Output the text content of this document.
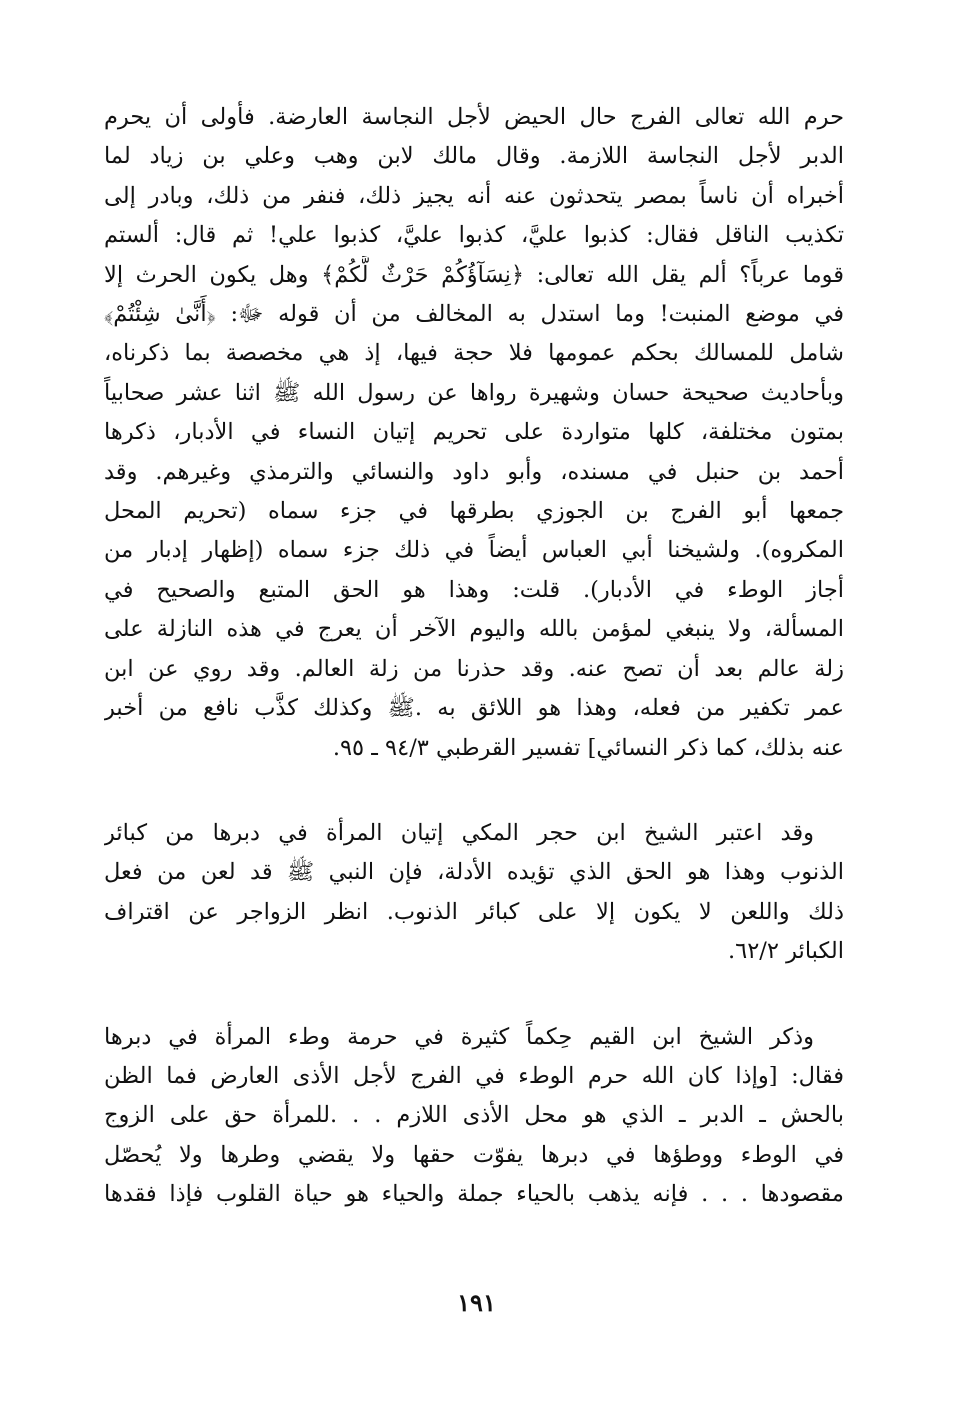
حرم الله تعالى الفرج حال الحيض لأجل النجاسة العارضة. فأولى أن يحرم
الدبر لأجل النجاسة اللازمة. وقال مالك لابن وهب وعلي بن زياد لما
أخبراه أن ناساً بمصر يتحدثون عنه أنه يجيز ذلك، فنفر من ذلك، وبادر إلى
تكذيب الناقل فقال: كذبوا عليَّ، كذبوا عليَّ، كذبوا علي! ثم قال: ألستم
قوما عرباً؟ ألم يقل الله تعالى: ﴿نِسَآؤُكُمْ حَرْثٌ لَّكُمْ﴾ وهل يكون الحرث إلا
في موضع المنبت! وما استدل به المخالف من أن قوله ﷻ: ﴿أَنَّىٰ شِئْتُمْ﴾
شامل للمسالك بحكم عمومها فلا حجة فيها، إذ هي مخصصة بما ذكرناه،
وبأحاديث صحيحة حسان وشهيرة رواها عن رسول الله ﷺ اثنا عشر صحابياً
بمتون مختلفة، كلها متواردة على تحريم إتيان النساء في الأدبار، ذكرها
أحمد بن حنبل في مسنده، وأبو داود والنسائي والترمذي وغيرهم. وقد
جمعها أبو الفرج بن الجوزي بطرقها في جزء سماه (تحريم المحل
المكروه). ولشيخنا أبي العباس أيضاً في ذلك جزء سماه (إظهار إدبار من
أجاز الوطء في الأدبار). قلت: وهذا هو الحق المتبع والصحيح في
المسألة، ولا ينبغي لمؤمن بالله واليوم الآخر أن يعرج في هذه النازلة على
زلة عالم بعد أن تصح عنه. وقد حذرنا من زلة العالم. وقد روي عن ابن
عمر تكفير من فعله، وهذا هو اللائق به .ﷺ وكذلك كذَّب نافع من أخبر
عنه بذلك، كما ذكر النسائي] تفسير القرطبي ٩٤/٣ ـ ٩٥.

وقد اعتبر الشيخ ابن حجر المكي إتيان المرأة في دبرها من كبائر
الذنوب وهذا هو الحق الذي تؤيده الأدلة، فإن النبي ﷺ قد لعن من فعل
ذلك واللعن لا يكون إلا على كبائر الذنوب. انظر الزواجر عن اقتراف
الكبائر ٦٢/٢.

وذكر الشيخ ابن القيم حِكماً كثيرة في حرمة وطء المرأة في دبرها
فقال: [وإذا كان الله حرم الوطء في الفرج لأجل الأذى العارض فما الظن
بالحش ـ الدبر ـ الذي هو محل الأذى اللازم . . .للمرأة حق على الزوج
في الوطء ووطؤها في دبرها يفوّت حقها ولا يقضي وطرها ولا يُحصّل
مقصودها . . . فإنه يذهب بالحياء جملة والحياء هو حياة القلوب فإذا فقدها

١٩١
